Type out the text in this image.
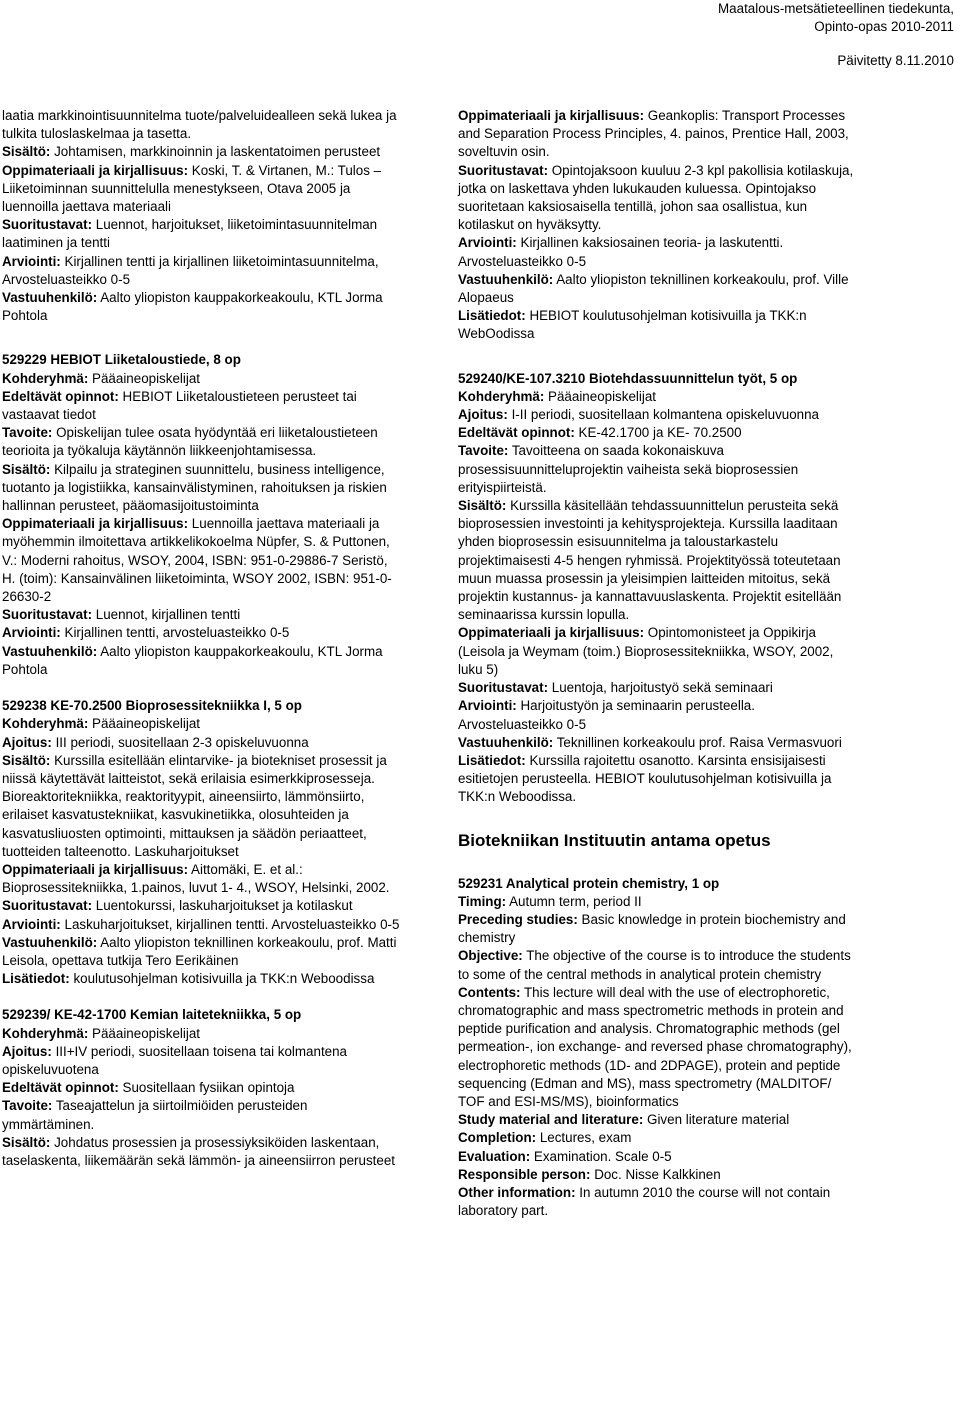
Maatalous-metsätieteellinen tiedekunta,
Opinto-opas 2010-2011
Päivitetty 8.11.2010

laatia markkinointisuunnitelma tuote/palveluidealleen sekä lukea ja tulkita tuloslaskelmaa ja tasetta.

Sisältö: Johtamisen, markkinoinnin ja laskentatoimen perusteet

Oppimateriaali ja kirjallisuus: Koski, T. & Virtanen, M.: Tulos – Liiketoiminnan suunnittelulla menestykseen, Otava 2005 ja luennoilla jaettava materiaali

Suoritustavat: Luennot, harjoitukset, liiketoimintasuunnitelman laatiminen ja tentti

Arviointi: Kirjallinen tentti ja kirjallinen liiketoimintasuunnitelma, Arvosteluasteikko 0-5

Vastuuhenkilö: Aalto yliopiston kauppakorkeakoulu, KTL Jorma Pohtola

529229 HEBIOT Liiketaloustiede, 8 op

Kohderyhmä: Pääaineopiskelijat

Edeltävät opinnot: HEBIOT Liiketaloustieteen perusteet tai vastaavat tiedot

Tavoite: Opiskelijan tulee osata hyödyntää eri liiketaloustieteen teorioita ja työkaluja käytännön liikkeenjohtamisessa.

Sisältö: Kilpailu ja strateginen suunnittelu, business intelligence, tuotanto ja logistiikka, kansainvälistyminen, rahoituksen ja riskien hallinnan perusteet, pääomasijoitustoiminta

Oppimateriaali ja kirjallisuus: Luennoilla jaettava materiaali ja myöhemmin ilmoitettava artikkelikokoelma Nüpfer, S. & Puttonen, V.: Moderni rahoitus, WSOY, 2004, ISBN: 951-0-29886-7 Seristö, H. (toim): Kansainvälinen liiketoiminta, WSOY 2002, ISBN: 951-0-26630-2

Suoritustavat: Luennot, kirjallinen tentti

Arviointi: Kirjallinen tentti, arvosteluasteikko 0-5

Vastuuhenkilö: Aalto yliopiston kauppakorkeakoulu, KTL Jorma Pohtola

529238 KE-70.2500 Bioprosessitekniikka I, 5 op

Kohderyhmä: Pääaineopiskelijat

Ajoitus: III periodi, suositellaan 2-3 opiskeluvuonna

Sisältö: Kurssilla esitellään elintarvike- ja biotekniset prosessit ja niissä käytettävät laitteistot, sekä erilaisia esimerkkiprosesseja. Bioreaktoritekniikka, reaktorityypit, aineensiirto, lämmönsiirto, erilaiset kasvatustekniikat, kasvukinetiikka, olosuhteiden ja kasvatusliuosten optimointi, mittauksen ja säädön periaatteet, tuotteiden talteenotto. Laskuharjoitukset

Oppimateriaali ja kirjallisuus: Aittomäki, E. et al.: Bioprosessitekniikka, 1.painos, luvut 1- 4., WSOY, Helsinki, 2002.

Suoritustavat: Luentokurssi, laskuharjoitukset ja kotilaskut

Arviointi: Laskuharjoitukset, kirjallinen tentti. Arvosteluasteikko 0-5

Vastuuhenkilö: Aalto yliopiston teknillinen korkeakoulu, prof. Matti Leisola, opettava tutkija Tero Eerikäinen

Lisätiedot: koulutusohjelman kotisivuilla ja TKK:n Weboodissa

529239/ KE-42-1700 Kemian laitetekniikka, 5 op

Kohderyhmä: Pääaineopiskelijat

Ajoitus: III+IV periodi, suositellaan toisena tai kolmantena opiskeluvuotena

Edeltävät opinnot: Suositellaan fysiikan opintoja

Tavoite: Taseajattelun ja siirtoilmiöiden perusteiden ymmärtäminen.

Sisältö: Johdatus prosessien ja prosessiyksiköiden laskentaan, taselaskenta, liikemäärän sekä lämmön- ja aineensiirron perusteet

Oppimateriaali ja kirjallisuus: Geankoplis: Transport Processes and Separation Process Principles, 4. painos, Prentice Hall, 2003, soveltuvin osin.

Suoritustavat: Opintojaksoon kuuluu 2-3 kpl pakollisia kotilaskuja, jotka on laskettava yhden lukukauden kuluessa. Opintojakso suoritetaan kaksiosaisella tentillä, johon saa osallistua, kun kotilaskut on hyväksytty.

Arviointi: Kirjallinen kaksiosainen teoria- ja laskutentti. Arvosteluasteikko 0-5

Vastuuhenkilö: Aalto yliopiston teknillinen korkeakoulu, prof. Ville Alopaeus

Lisätiedot: HEBIOT koulutusohjelman kotisivuilla ja TKK:n WebOodissa

529240/KE-107.3210 Biotehdassuunnittelun työt, 5 op

Kohderyhmä: Pääaineopiskelijat

Ajoitus: I-II periodi, suositellaan kolmantena opiskeluvuonna

Edeltävät opinnot: KE-42.1700 ja KE- 70.2500

Tavoite: Tavoitteena on saada kokonaiskuva prosessisuunnitteluprojektin vaiheista sekä bioprosessien erityispiirteistä.

Sisältö: Kurssilla käsitellään tehdassuunnittelun perusteita sekä bioprosessien investointi ja kehitysprojekteja. Kurssilla laaditaan yhden bioprosessin esisuunnitelma ja taloustarkastelu projektimaisesti 4-5 hengen ryhmissä. Projektityössä toteutetaan muun muassa prosessin ja yleisimpien laitteiden mitoitus, sekä projektin kustannus- ja kannattavuuslaskenta. Projektit esitellään seminaarissa kurssin lopulla.

Oppimateriaali ja kirjallisuus: Opintomonisteet ja Oppikirja (Leisola ja Weymam (toim.) Bioprosessitekniikka, WSOY, 2002, luku 5)

Suoritustavat: Luentoja, harjoitustyö sekä seminaari

Arviointi: Harjoitustyön ja seminaarin perusteella. Arvosteluasteikko 0-5

Vastuuhenkilö: Teknillinen korkeakoulu prof. Raisa Vermasvuori

Lisätiedot: Kurssilla rajoitettu osanotto. Karsinta ensisijaisesti esitietojen perusteella. HEBIOT koulutusohjelman kotisivuilla ja TKK:n Weboodissa.

Biotekniikan Instituutin antama opetus
529231 Analytical protein chemistry, 1 op

Timing: Autumn term, period II

Preceding studies: Basic knowledge in protein biochemistry and chemistry

Objective: The objective of the course is to introduce the students to some of the central methods in analytical protein chemistry

Contents: This lecture will deal with the use of electrophoretic, chromatographic and mass spectrometric methods in protein and peptide purification and analysis. Chromatographic methods (gel permeation-, ion exchange- and reversed phase chromatography), electrophoretic methods (1D- and 2DPAGE), protein and peptide sequencing (Edman and MS), mass spectrometry (MALDITOF/ TOF and ESI-MS/MS), bioinformatics

Study material and literature: Given literature material

Completion: Lectures, exam

Evaluation: Examination. Scale 0-5

Responsible person: Doc. Nisse Kalkkinen

Other information: In autumn 2010 the course will not contain laboratory part.
